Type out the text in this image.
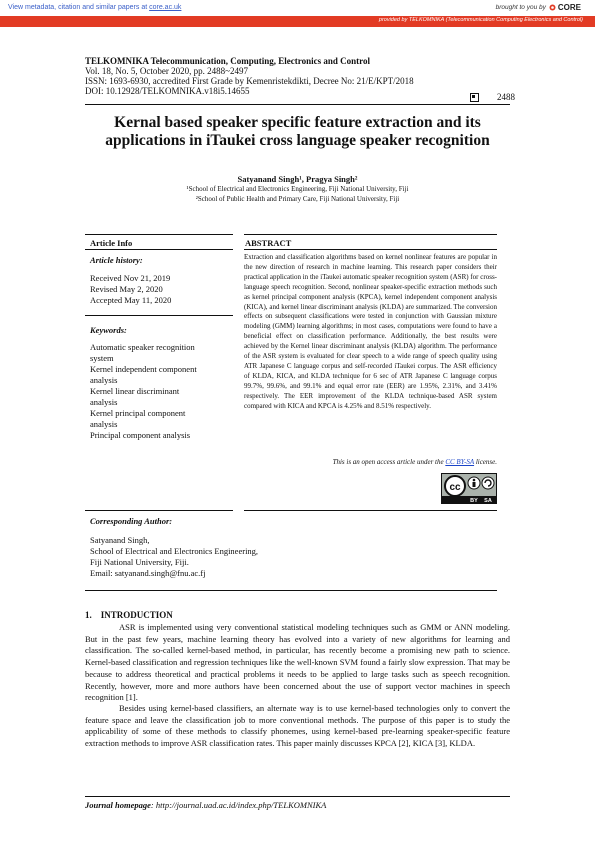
View metadata, citation and similar papers at core.ac.uk	brought to you by CORE
provided by TELKOMNIKA (Telecommunication Computing Electronics and Control)
TELKOMNIKA Telecommunication, Computing, Electronics and Control
Vol. 18, No. 5, October 2020, pp. 2488~2497
ISSN: 1693-6930, accredited First Grade by Kemenristekdikti, Decree No: 21/E/KPT/2018
DOI: 10.12928/TELKOMNIKA.v18i5.14655
2488
Kernal based speaker specific feature extraction and its
applications in iTaukei cross language speaker recognition
Satyanand Singh¹, Pragya Singh²
¹School of Electrical and Electronics Engineering, Fiji National University, Fiji
²School of Public Health and Primary Care, Fiji National University, Fiji
Article Info	ABSTRACT
Article history:
Received Nov 21, 2019
Revised May 2, 2020
Accepted May 11, 2020
Keywords:
Automatic speaker recognition
system
Kernel independent component
analysis
Kernel linear discriminant
analysis
Kernel principal component
analysis
Principal component analysis
Extraction and classification algorithms based on kernel nonlinear features are popular in the new direction of research in machine learning. This research paper considers their practical application in the iTaukei automatic speaker recognition system (ASR) for cross-language speech recognition. Second, nonlinear speaker-specific extraction methods such as kernel principal component analysis (KPCA), kernel independent component analysis (KICA), and kernel linear discriminant analysis (KLDA) are summarized. The conversion effects on subsequent classifications were tested in conjunction with Gaussian mixture modeling (GMM) learning algorithms; in most cases, computations were found to have a beneficial effect on classification performance. Additionally, the best results were achieved by the Kernel linear discriminant analysis (KLDA) algorithm. The performance of the ASR system is evaluated for clear speech to a wide range of speech quality using ATR Japanese C language corpus and self-recorded iTaukei corpus. The ASR efficiency of KLDA, KICA, and KLDA technique for 6 sec of ATR Japanese C language corpus 99.7%, 99.6%, and 99.1% and equal error rate (EER) are 1.95%, 2.31%, and 3.41% respectively. The EER improvement of the KLDA technique-based ASR system compared with KICA and KPCA is 4.25% and 8.51% respectively.
This is an open access article under the CC BY-SA license.
cc
BY SA
Corresponding Author:
Satyanand Singh,
School of Electrical and Electronics Engineering,
Fiji National University, Fiji.
Email: satyanand.singh@fnu.ac.fj
1.    INTRODUCTION
ASR is implemented using very conventional statistical modeling techniques such as GMM or ANN modeling. But in the past few years, machine learning theory has evolved into a variety of new algorithms for learning and classification. The so-called kernel-based method, in particular, has recently become a promising new path to science. Kernel-based classification and regression techniques like the well-known SVM found a fairly slow expression. That may be because to address theoretical and practical problems it needs to be applied to large tasks such as speech recognition. Recently, however, more and more authors have been concerned about the use of support vector machines in speech recognition [1].
Besides using kernel-based classifiers, an alternate way is to use kernel-based technologies only to convert the feature space and leave the classification job to more conventional methods. The purpose of this paper is to study the applicability of some of these methods to classify phonemes, using kernel-based pre-learning speaker-specific feature extraction methods to improve ASR classification rates. This paper mainly discusses KPCA [2], KICA [3], KLDA.
Journal homepage: http://journal.uad.ac.id/index.php/TELKOMNIKA
